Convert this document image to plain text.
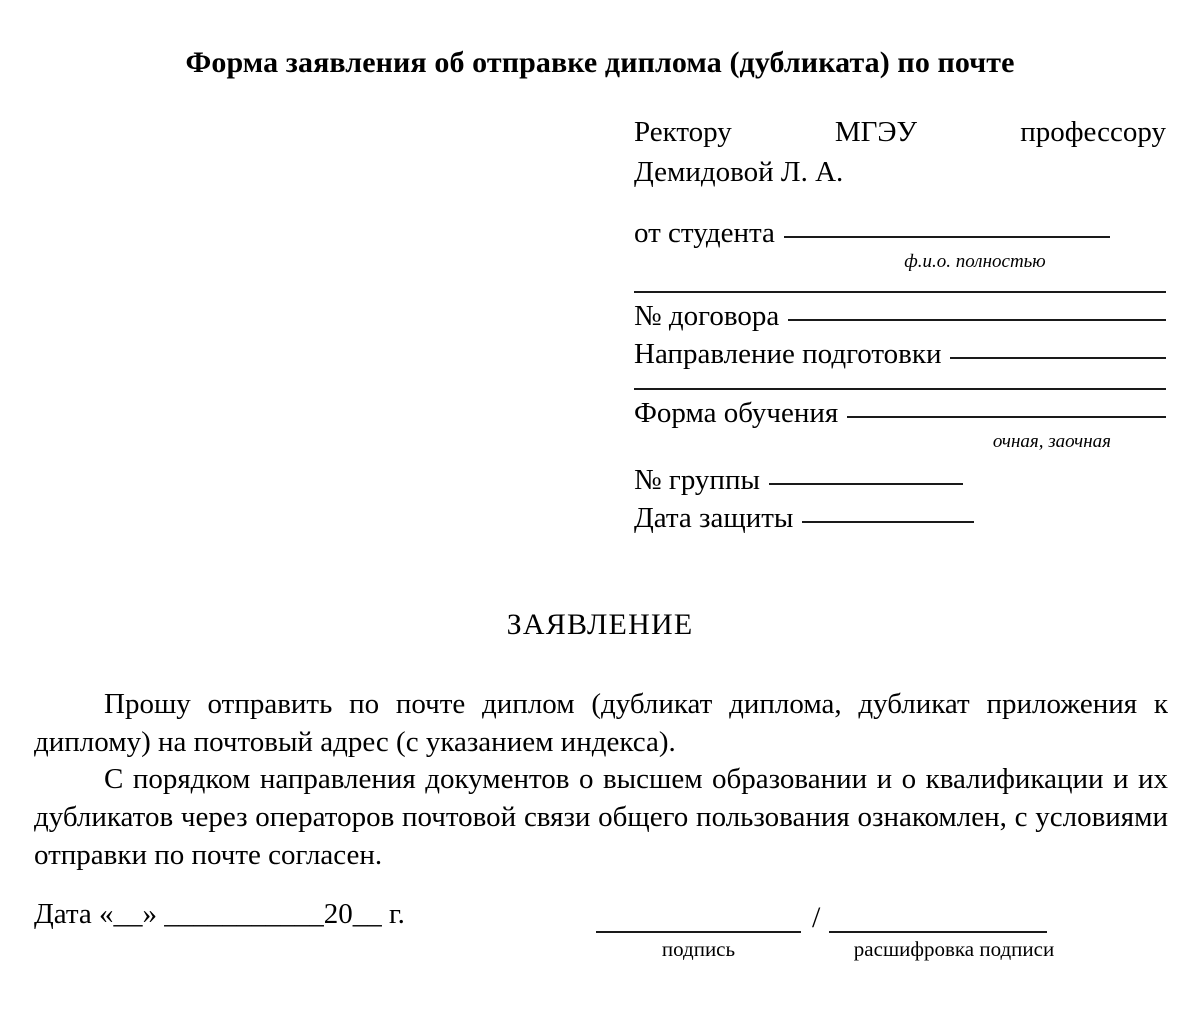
Форма заявления об отправке диплома (дубликата) по почте
Ректору МГЭУ профессору
Демидовой Л. А.
от студента
ф.и.о. полностью
№ договора
Направление подготовки
Форма обучения
очная, заочная
№ группы
Дата защиты
ЗАЯВЛЕНИЕ

Прошу отправить по почте диплом (дубликат диплома, дубликат приложения к диплому) на почтовый адрес (с указанием индекса).

С порядком направления документов о высшем образовании и о квалификации и их дубликатов через операторов почтовой связи общего пользования ознакомлен, с условиями отправки по почте согласен.

Дата «__» ___________20__ г.	/
подпись	расшифровка подписи
